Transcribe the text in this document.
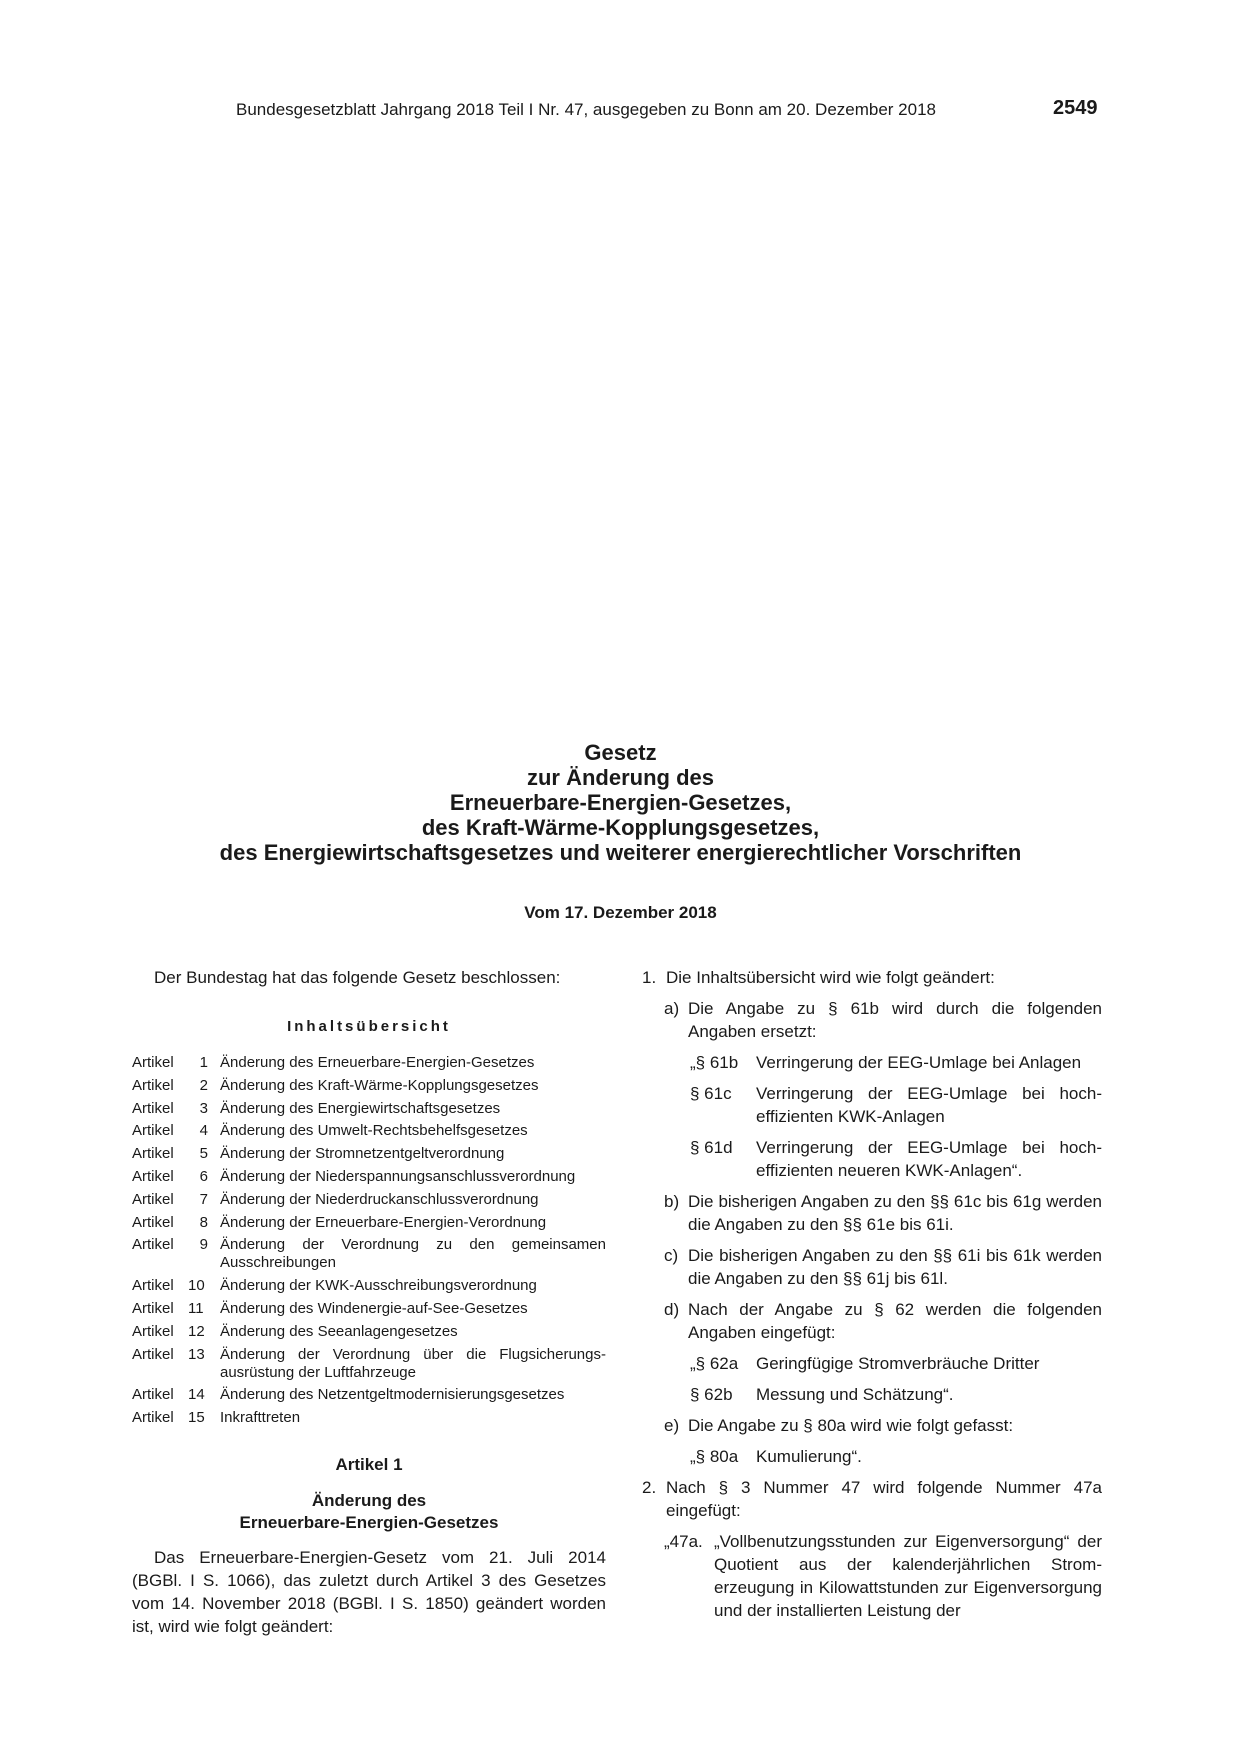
Bundesgesetzblatt Jahrgang 2018 Teil I Nr. 47, ausgegeben zu Bonn am 20. Dezember 2018	2549
Gesetz
zur Änderung des
Erneuerbare-Energien-Gesetzes,
des Kraft-Wärme-Kopplungsgesetzes,
des Energiewirtschaftsgesetzes und weiterer energierechtlicher Vorschriften
Vom 17. Dezember 2018
Der Bundestag hat das folgende Gesetz beschlossen:
Inhaltsübersicht
Artikel	1 Änderung des Erneuerbare-Energien-Gesetzes
Artikel	2 Änderung des Kraft-Wärme-Kopplungsgesetzes
Artikel	3 Änderung des Energiewirtschaftsgesetzes
Artikel	4 Änderung des Umwelt-Rechtsbehelfsgesetzes
Artikel	5 Änderung der Stromnetzentgeltverordnung
Artikel	6 Änderung der Niederspannungsanschlussverordnung
Artikel	7 Änderung der Niederdruckanschlussverordnung
Artikel	8 Änderung der Erneuerbare-Energien-Verordnung
Artikel	9 Änderung der Verordnung zu den gemeinsamen Ausschreibungen
Artikel 10 Änderung der KWK-Ausschreibungsverordnung
Artikel 11 Änderung des Windenergie-auf-See-Gesetzes
Artikel 12 Änderung des Seeanlagengesetzes
Artikel 13 Änderung der Verordnung über die Flugsicherungsausrüstung der Luftfahrzeuge
Artikel 14 Änderung des Netzentgeltmodernisierungsgesetzes
Artikel 15 Inkrafttreten
Artikel 1
Änderung des
Erneuerbare-Energien-Gesetzes
Das Erneuerbare-Energien-Gesetz vom 21. Juli 2014 (BGBl. I S. 1066), das zuletzt durch Artikel 3 des Gesetzes vom 14. November 2018 (BGBl. I S. 1850) geändert worden ist, wird wie folgt geändert:
1. Die Inhaltsübersicht wird wie folgt geändert:
a) Die Angabe zu § 61b wird durch die folgenden Angaben ersetzt:
„§ 61b	Verringerung der EEG-Umlage bei Anlagen
§ 61c	Verringerung der EEG-Umlage bei hocheffizienten KWK-Anlagen
§ 61d	Verringerung der EEG-Umlage bei hocheffizienten neueren KWK-Anlagen“.
b) Die bisherigen Angaben zu den §§ 61c bis 61g werden die Angaben zu den §§ 61e bis 61i.
c) Die bisherigen Angaben zu den §§ 61i bis 61k werden die Angaben zu den §§ 61j bis 61l.
d) Nach der Angabe zu § 62 werden die folgenden Angaben eingefügt:
„§ 62a	Geringfügige Stromverbräuche Dritter
§ 62b	Messung und Schätzung“.
e) Die Angabe zu § 80a wird wie folgt gefasst:
„§ 80a	Kumulierung“.
2. Nach § 3 Nummer 47 wird folgende Nummer 47a eingefügt:
„47a. „Vollbenutzungsstunden zur Eigenversorgung“ der Quotient aus der kalenderjährlichen Stromerzeugung in Kilowattstunden zur Eigenversorgung und der installierten Leistung der
